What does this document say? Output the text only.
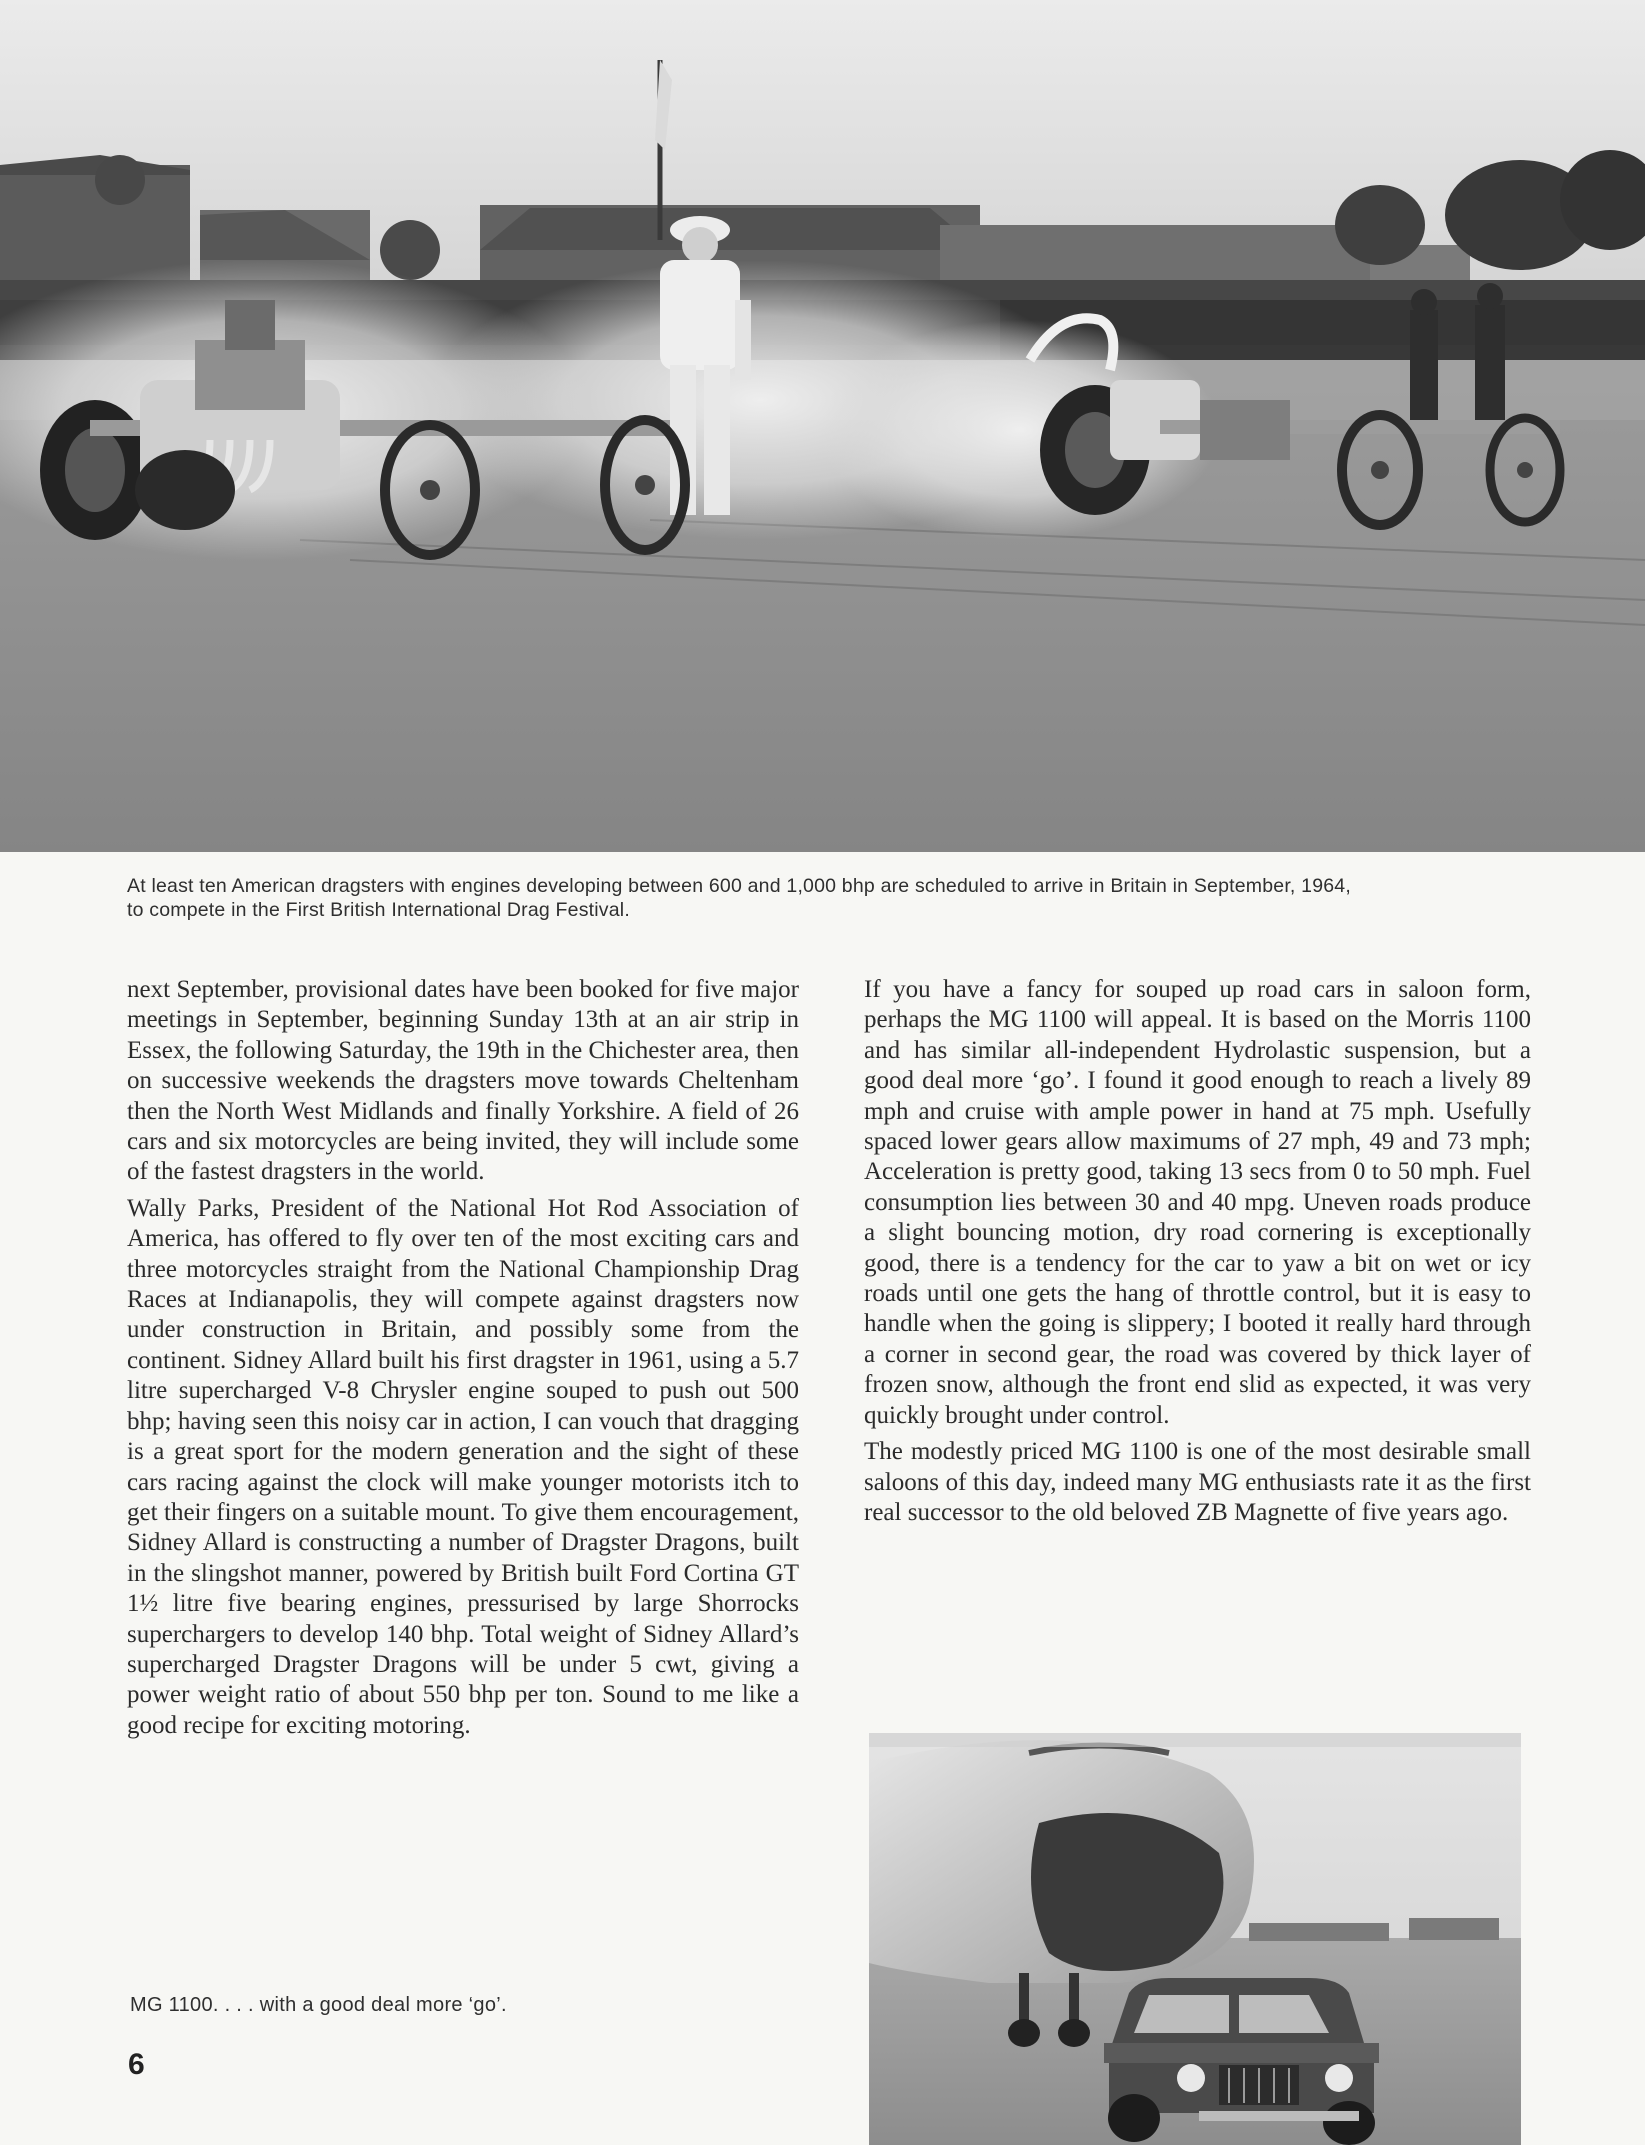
At least ten American dragsters with engines developing between 600 and 1,000 bhp are scheduled to arrive in Britain in September, 1964,
to compete in the First British International Drag Festival.

next September, provisional dates have been booked for five major meetings in September, beginning Sunday 13th at an air strip in Essex, the following Saturday, the 19th in the Chichester area, then on successive weekends the dragsters move towards Cheltenham then the North West Midlands and finally Yorkshire. A field of 26 cars and six motorcycles are being invited, they will include some of the fastest dragsters in the world.

Wally Parks, President of the National Hot Rod Association of America, has offered to fly over ten of the most exciting cars and three motorcycles straight from the National Championship Drag Races at Indianapolis, they will compete against dragsters now under construction in Britain, and possibly some from the continent. Sidney Allard built his first dragster in 1961, using a 5.7 litre supercharged V-8 Chrysler engine souped to push out 500 bhp; having seen this noisy car in action, I can vouch that dragging is a great sport for the modern generation and the sight of these cars racing against the clock will make younger motorists itch to get their fingers on a suitable mount. To give them encouragement, Sidney Allard is constructing a number of Dragster Dragons, built in the slingshot manner, powered by British built Ford Cortina GT 1½ litre five bearing engines, pressurised by large Shorrocks superchargers to develop 140 bhp. Total weight of Sidney Allard’s supercharged Dragster Dragons will be under 5 cwt, giving a power weight ratio of about 550 bhp per ton. Sound to me like a good recipe for exciting motoring.

If you have a fancy for souped up road cars in saloon form, perhaps the MG 1100 will appeal. It is based on the Morris 1100 and has similar all-independent Hydrolastic suspension, but a good deal more ‘go’. I found it good enough to reach a lively 89 mph and cruise with ample power in hand at 75 mph. Usefully spaced lower gears allow maximums of 27 mph, 49 and 73 mph; Acceleration is pretty good, taking 13 secs from 0 to 50 mph. Fuel consumption lies between 30 and 40 mpg. Uneven roads produce a slight bouncing motion, dry road cornering is exceptionally good, there is a tendency for the car to yaw a bit on wet or icy roads until one gets the hang of throttle control, but it is easy to handle when the going is slippery; I booted it really hard through a corner in second gear, the road was covered by thick layer of frozen snow, although the front end slid as expected, it was very quickly brought under control.

The modestly priced MG 1100 is one of the most desirable small saloons of this day, indeed many MG enthusiasts rate it as the first real successor to the old beloved ZB Magnette of five years ago.

MG 1100. . . . with a good deal more ‘go’.
6
